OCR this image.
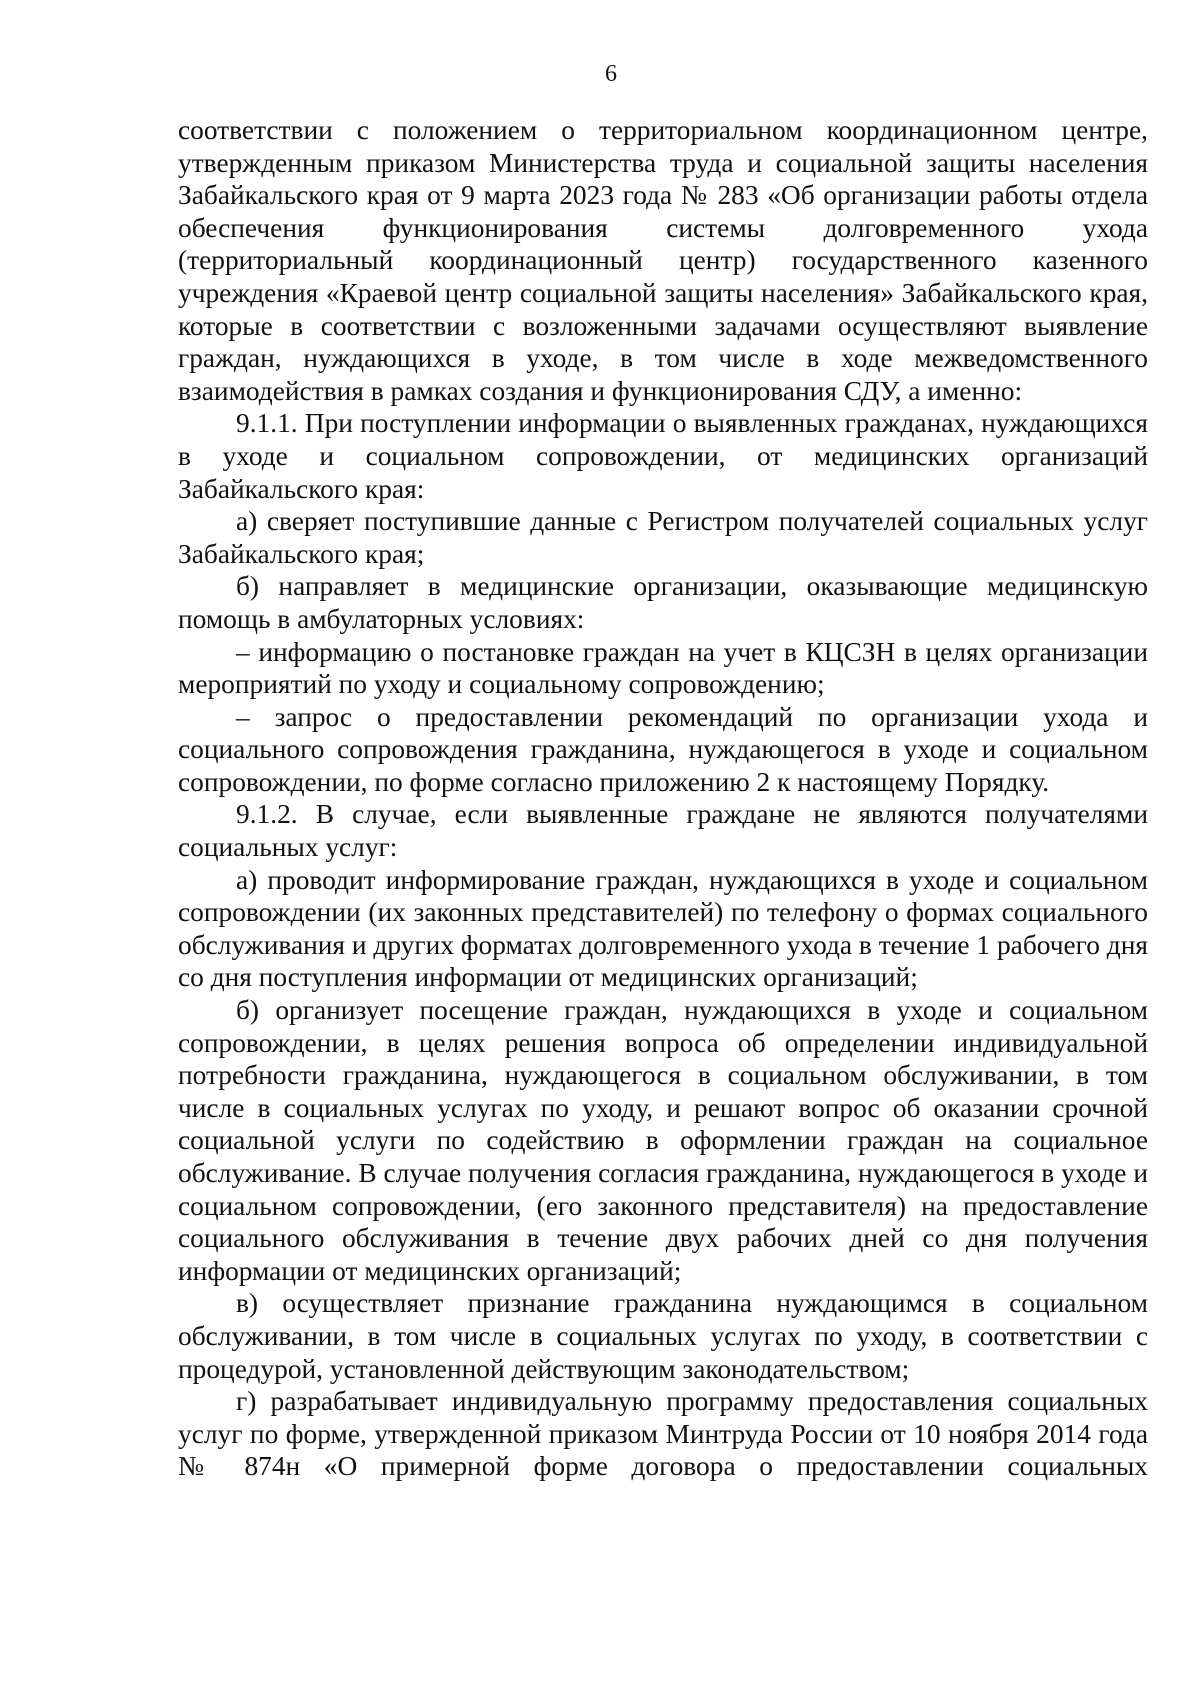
6

соответствии с положением о территориальном координационном центре, утвержденным приказом Министерства труда и социальной защиты населения Забайкальского края от 9 марта 2023 года № 283 «Об организации работы отдела обеспечения функционирования системы долговременного ухода (территориальный координационный центр) государственного казенного учреждения «Краевой центр социальной защиты населения» Забайкальского края, которые в соответствии с возложенными задачами осуществляют выявление граждан, нуждающихся в уходе, в том числе в ходе межведомственного взаимодействия в рамках создания и функционирования СДУ, а именно:

9.1.1. При поступлении информации о выявленных гражданах, нуждающихся в уходе и социальном сопровождении, от медицинских организаций Забайкальского края:

а) сверяет поступившие данные с Регистром получателей социальных услуг Забайкальского края;

б) направляет в медицинские организации, оказывающие медицинскую помощь в амбулаторных условиях:

– информацию о постановке граждан на учет в КЦСЗН в целях организации мероприятий по уходу и социальному сопровождению;

– запрос о предоставлении рекомендаций по организации ухода и социального сопровождения гражданина, нуждающегося в уходе и социальном сопровождении, по форме согласно приложению 2 к настоящему Порядку.

9.1.2. В случае, если выявленные граждане не являются получателями социальных услуг:

а) проводит информирование граждан, нуждающихся в уходе и социальном сопровождении (их законных представителей) по телефону о формах социального обслуживания и других форматах долговременного ухода в течение 1 рабочего дня со дня поступления информации от медицинских организаций;

б) организует посещение граждан, нуждающихся в уходе и социальном сопровождении, в целях решения вопроса об определении индивидуальной потребности гражданина, нуждающегося в социальном обслуживании, в том числе в социальных услугах по уходу, и решают вопрос об оказании срочной социальной услуги по содействию в оформлении граждан на социальное обслуживание. В случае получения согласия гражданина, нуждающегося в уходе и социальном сопровождении, (его законного представителя) на предоставление социального обслуживания в течение двух рабочих дней со дня получения информации от медицинских организаций;

в) осуществляет признание гражданина нуждающимся в социальном обслуживании, в том числе в социальных услугах по уходу, в соответствии с процедурой, установленной действующим законодательством;

г) разрабатывает индивидуальную программу предоставления социальных услуг по форме, утвержденной приказом Минтруда России от 10 ноября 2014 года № 874н «О примерной форме договора о предоставлении социальных
